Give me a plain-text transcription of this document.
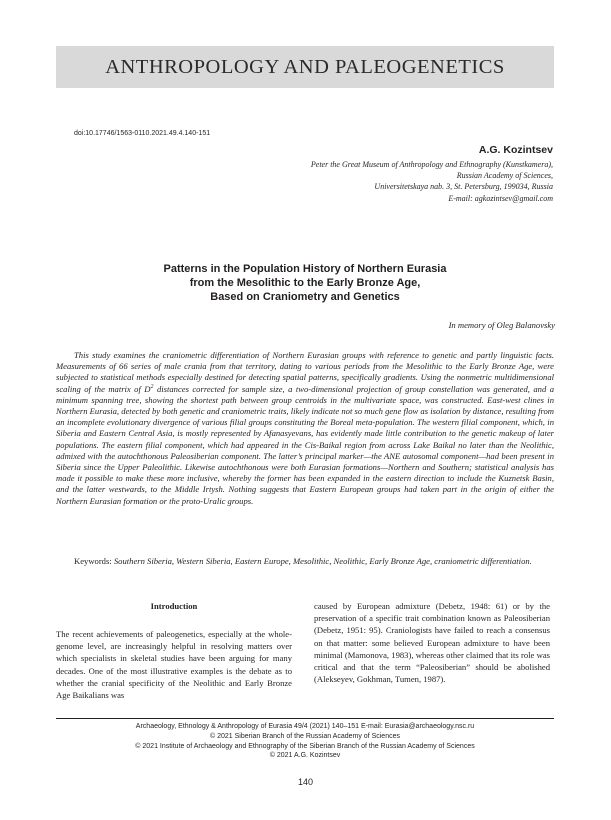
ANTHROPOLOGY AND PALEOGENETICS
doi:10.17746/1563-0110.2021.49.4.140-151
A.G. Kozintsev
Peter the Great Museum of Anthropology and Ethnography (Kunstkamera),
Russian Academy of Sciences,
Universitetskaya nab. 3, St. Petersburg, 199034, Russia
E-mail: agkozintsev@gmail.com
Patterns in the Population History of Northern Eurasia
from the Mesolithic to the Early Bronze Age,
Based on Craniometry and Genetics
In memory of Oleg Balanovsky

This study examines the craniometric differentiation of Northern Eurasian groups with reference to genetic and partly linguistic facts. Measurements of 66 series of male crania from that territory, dating to various periods from the Mesolithic to the Early Bronze Age, were subjected to statistical methods especially destined for detecting spatial patterns, specifically gradients. Using the nonmetric multidimensional scaling of the matrix of $D^2$ distances corrected for sample size, a two-dimensional projection of group constellation was generated, and a minimum spanning tree, showing the shortest path between group centroids in the multivariate space, was constructed. East-west clines in Northern Eurasia, detected by both genetic and craniometric traits, likely indicate not so much gene flow as isolation by distance, resulting from an incomplete evolutionary divergence of various filial groups constituting the Boreal meta-population. The western filial component, which, in Siberia and Eastern Central Asia, is mostly represented by Afanasyevans, has evidently made little contribution to the genetic makeup of later populations. The eastern filial component, which had appeared in the Cis-Baikal region from across Lake Baikal no later than the Neolithic, admixed with the autochthonous Paleosiberian component. The latter’s principal marker—the ANE autosomal component—had been present in Siberia since the Upper Paleolithic. Likewise autochthonous were both Eurasian formations—Northern and Southern; statistical analysis has made it possible to make these more inclusive, whereby the former has been expanded in the eastern direction to include the Kuznetsk Basin, and the latter westwards, to the Middle Irtysh. Nothing suggests that Eastern European groups had taken part in the origin of either the Northern Eurasian formation or the proto-Uralic groups.

Keywords: Southern Siberia, Western Siberia, Eastern Europe, Mesolithic, Neolithic, Early Bronze Age, craniometric differentiation.

Introduction

The recent achievements of paleogenetics, especially at the whole-genome level, are increasingly helpful in resolving matters over which specialists in skeletal studies have been arguing for many decades. One of the most illustrative examples is the debate as to whether the cranial specificity of the Neolithic and Early Bronze Age Baikalians was

caused by European admixture (Debetz, 1948: 61) or by the preservation of a specific trait combination known as Paleosiberian (Debetz, 1951: 95). Craniologists have failed to reach a consensus on that matter: some believed European admixture to have been minimal (Mamonova, 1983), whereas other claimed that its role was critical and that the term “Paleosiberian” should be abolished (Alekseyev, Gokhman, Tumen, 1987).

Archaeology, Ethnology & Anthropology of Eurasia 49/4 (2021) 140–151 E-mail: Eurasia@archaeology.nsc.ru
© 2021 Siberian Branch of the Russian Academy of Sciences
© 2021 Institute of Archaeology and Ethnography of the Siberian Branch of the Russian Academy of Sciences
© 2021 A.G. Kozintsev
140
